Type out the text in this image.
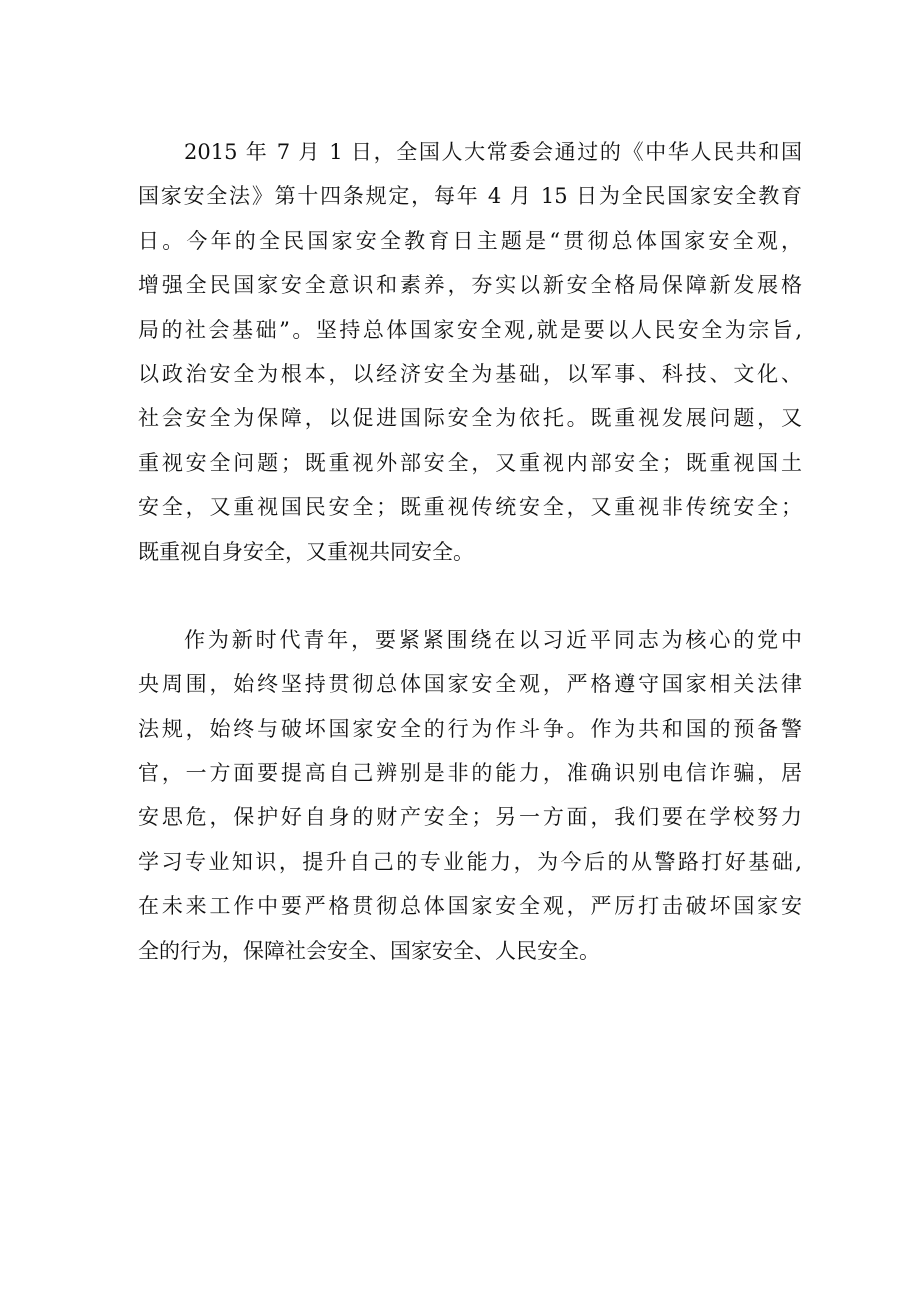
2015 年 7 月 1 日，全国人大常委会通过的《中华人民共和国
国家安全法》第十四条规定，每年 4 月 15 日为全民国家安全教育
日。今年的全民国家安全教育日主题是“贯彻总体国家安全观，
增强全民国家安全意识和素养，夯实以新安全格局保障新发展格
局的社会基础”。坚持总体国家安全观,就是要以人民安全为宗旨,
以政治安全为根本，以经济安全为基础，以军事、科技、文化、
社会安全为保障，以促进国际安全为依托。既重视发展问题，又
重视安全问题；既重视外部安全，又重视内部安全；既重视国土
安全，又重视国民安全；既重视传统安全，又重视非传统安全；
既重视自身安全，又重视共同安全。
作为新时代青年，要紧紧围绕在以习近平同志为核心的党中
央周围，始终坚持贯彻总体国家安全观，严格遵守国家相关法律
法规，始终与破坏国家安全的行为作斗争。作为共和国的预备警
官，一方面要提高自己辨别是非的能力，准确识别电信诈骗，居
安思危，保护好自身的财产安全；另一方面，我们要在学校努力
学习专业知识，提升自己的专业能力，为今后的从警路打好基础,
在未来工作中要严格贯彻总体国家安全观，严厉打击破坏国家安
全的行为，保障社会安全、国家安全、人民安全。
